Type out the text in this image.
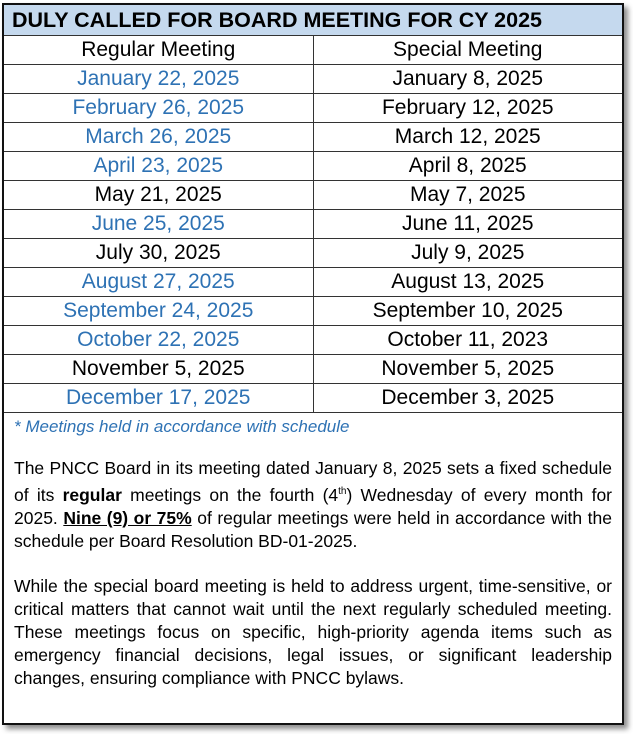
DULY CALLED FOR BOARD MEETING FOR CY 2025	
Regular Meeting	Special Meeting
January 22, 2025	January 8, 2025
February 26, 2025	February 12, 2025
March 26, 2025	March 12, 2025
April 23, 2025	April 8, 2025
May 21, 2025	May 7, 2025
June 25, 2025	June 11, 2025
July 30, 2025	July 9, 2025
August 27, 2025	August 13, 2025
September 24, 2025	September 10, 2025
October 22, 2025	October 11, 2023
November 5, 2025	November 5, 2025
December 17, 2025	December 3, 2025
* Meetings held in accordance with schedule

The PNCC Board in its meeting dated January 8, 2025 sets a fixed schedule of its regular meetings on the fourth (4th) Wednesday of every month for 2025. Nine (9) or 75% of regular meetings were held in accordance with the schedule per Board Resolution BD-01-2025.

While the special board meeting is held to address urgent, time-sensitive, or critical matters that cannot wait until the next regularly scheduled meeting. These meetings focus on specific, high-priority agenda items such as emergency financial decisions, legal issues, or significant leadership changes, ensuring compliance with PNCC bylaws.
